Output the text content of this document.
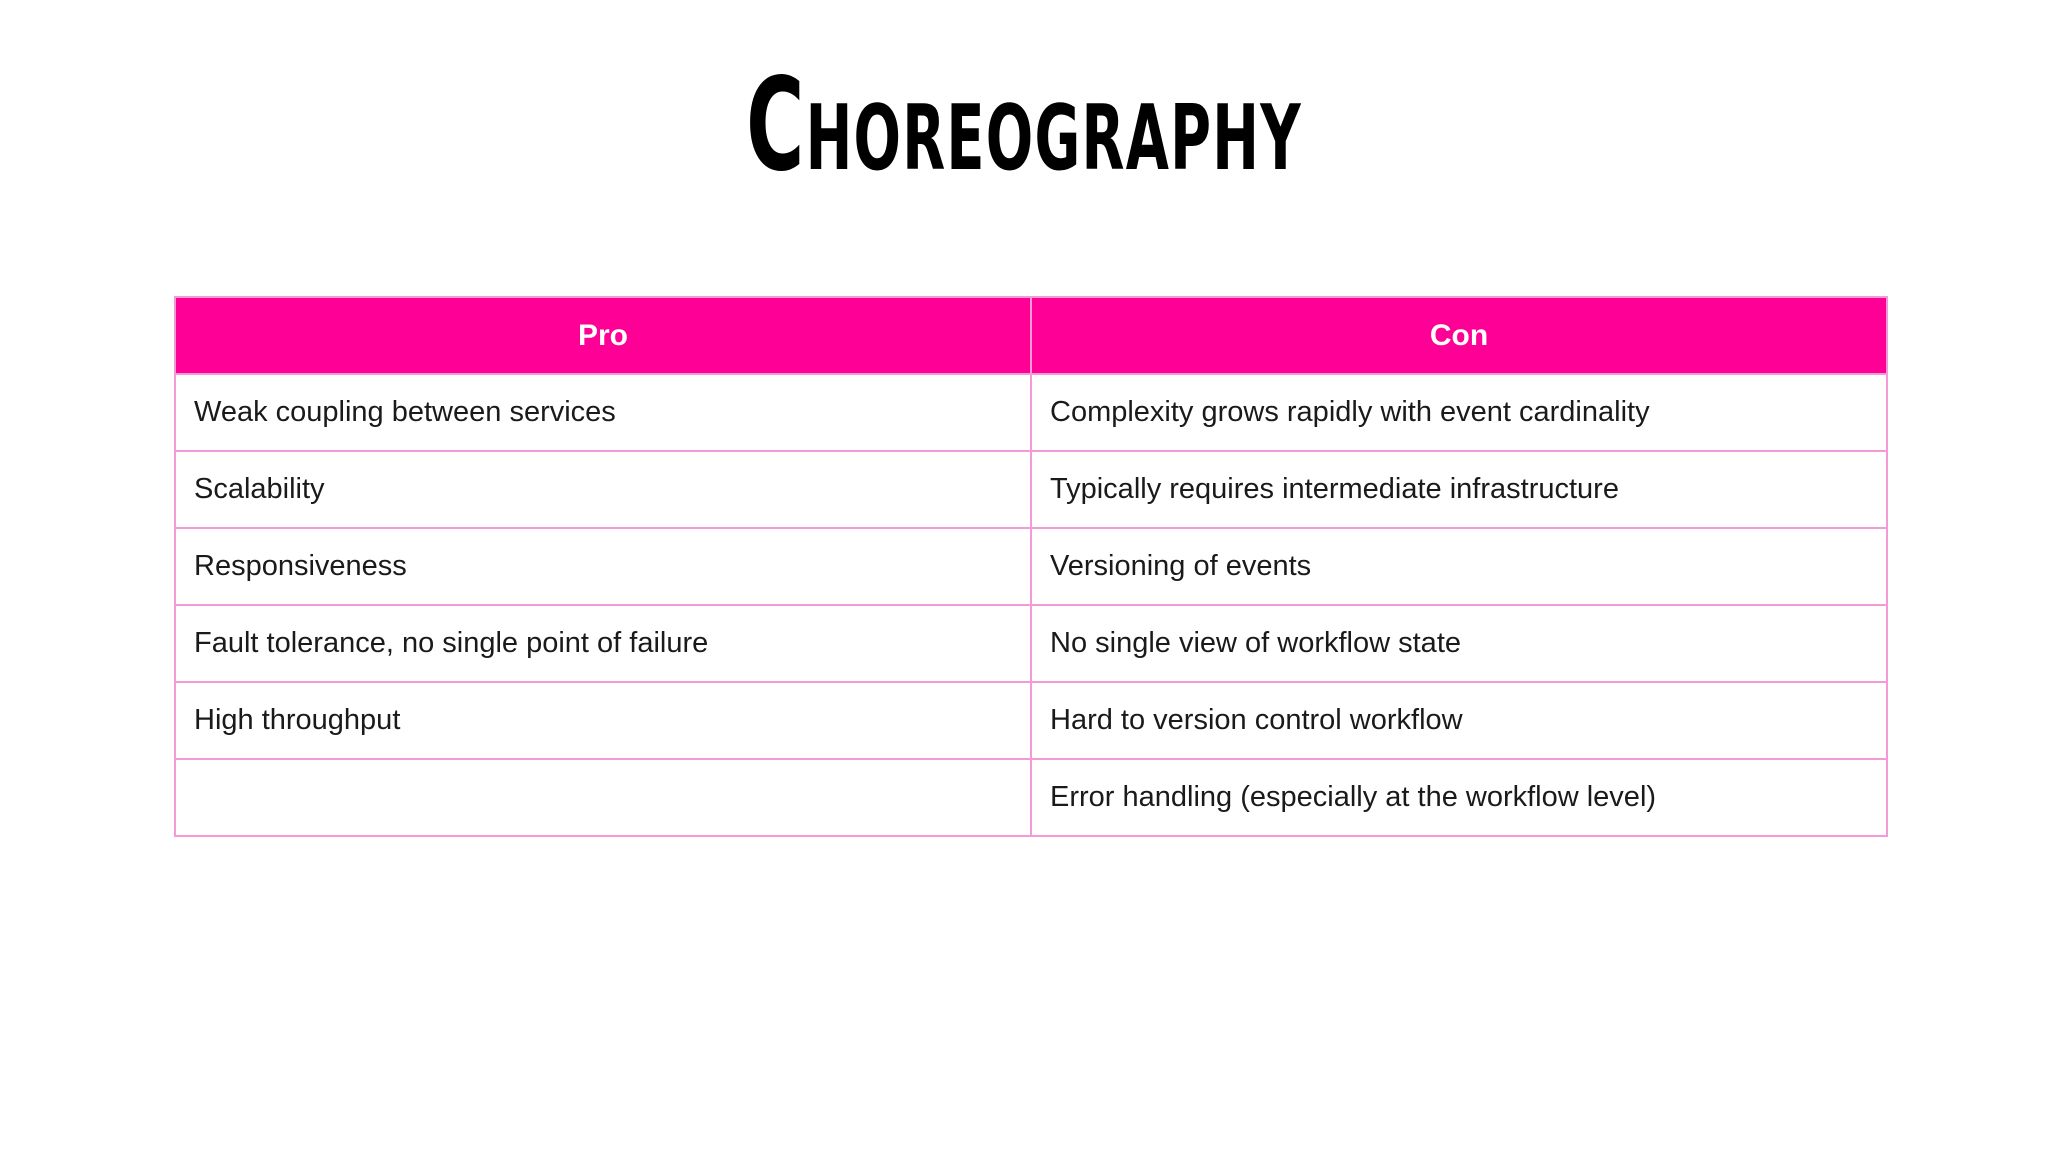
Choreography
Pro	Con
Weak coupling between services	Complexity grows rapidly with event cardinality
Scalability	Typically requires intermediate infrastructure
Responsiveness	Versioning of events
Fault tolerance, no single point of failure	No single view of workflow state
High throughput	Hard to version control workflow
	Error handling (especially at the workflow level)
